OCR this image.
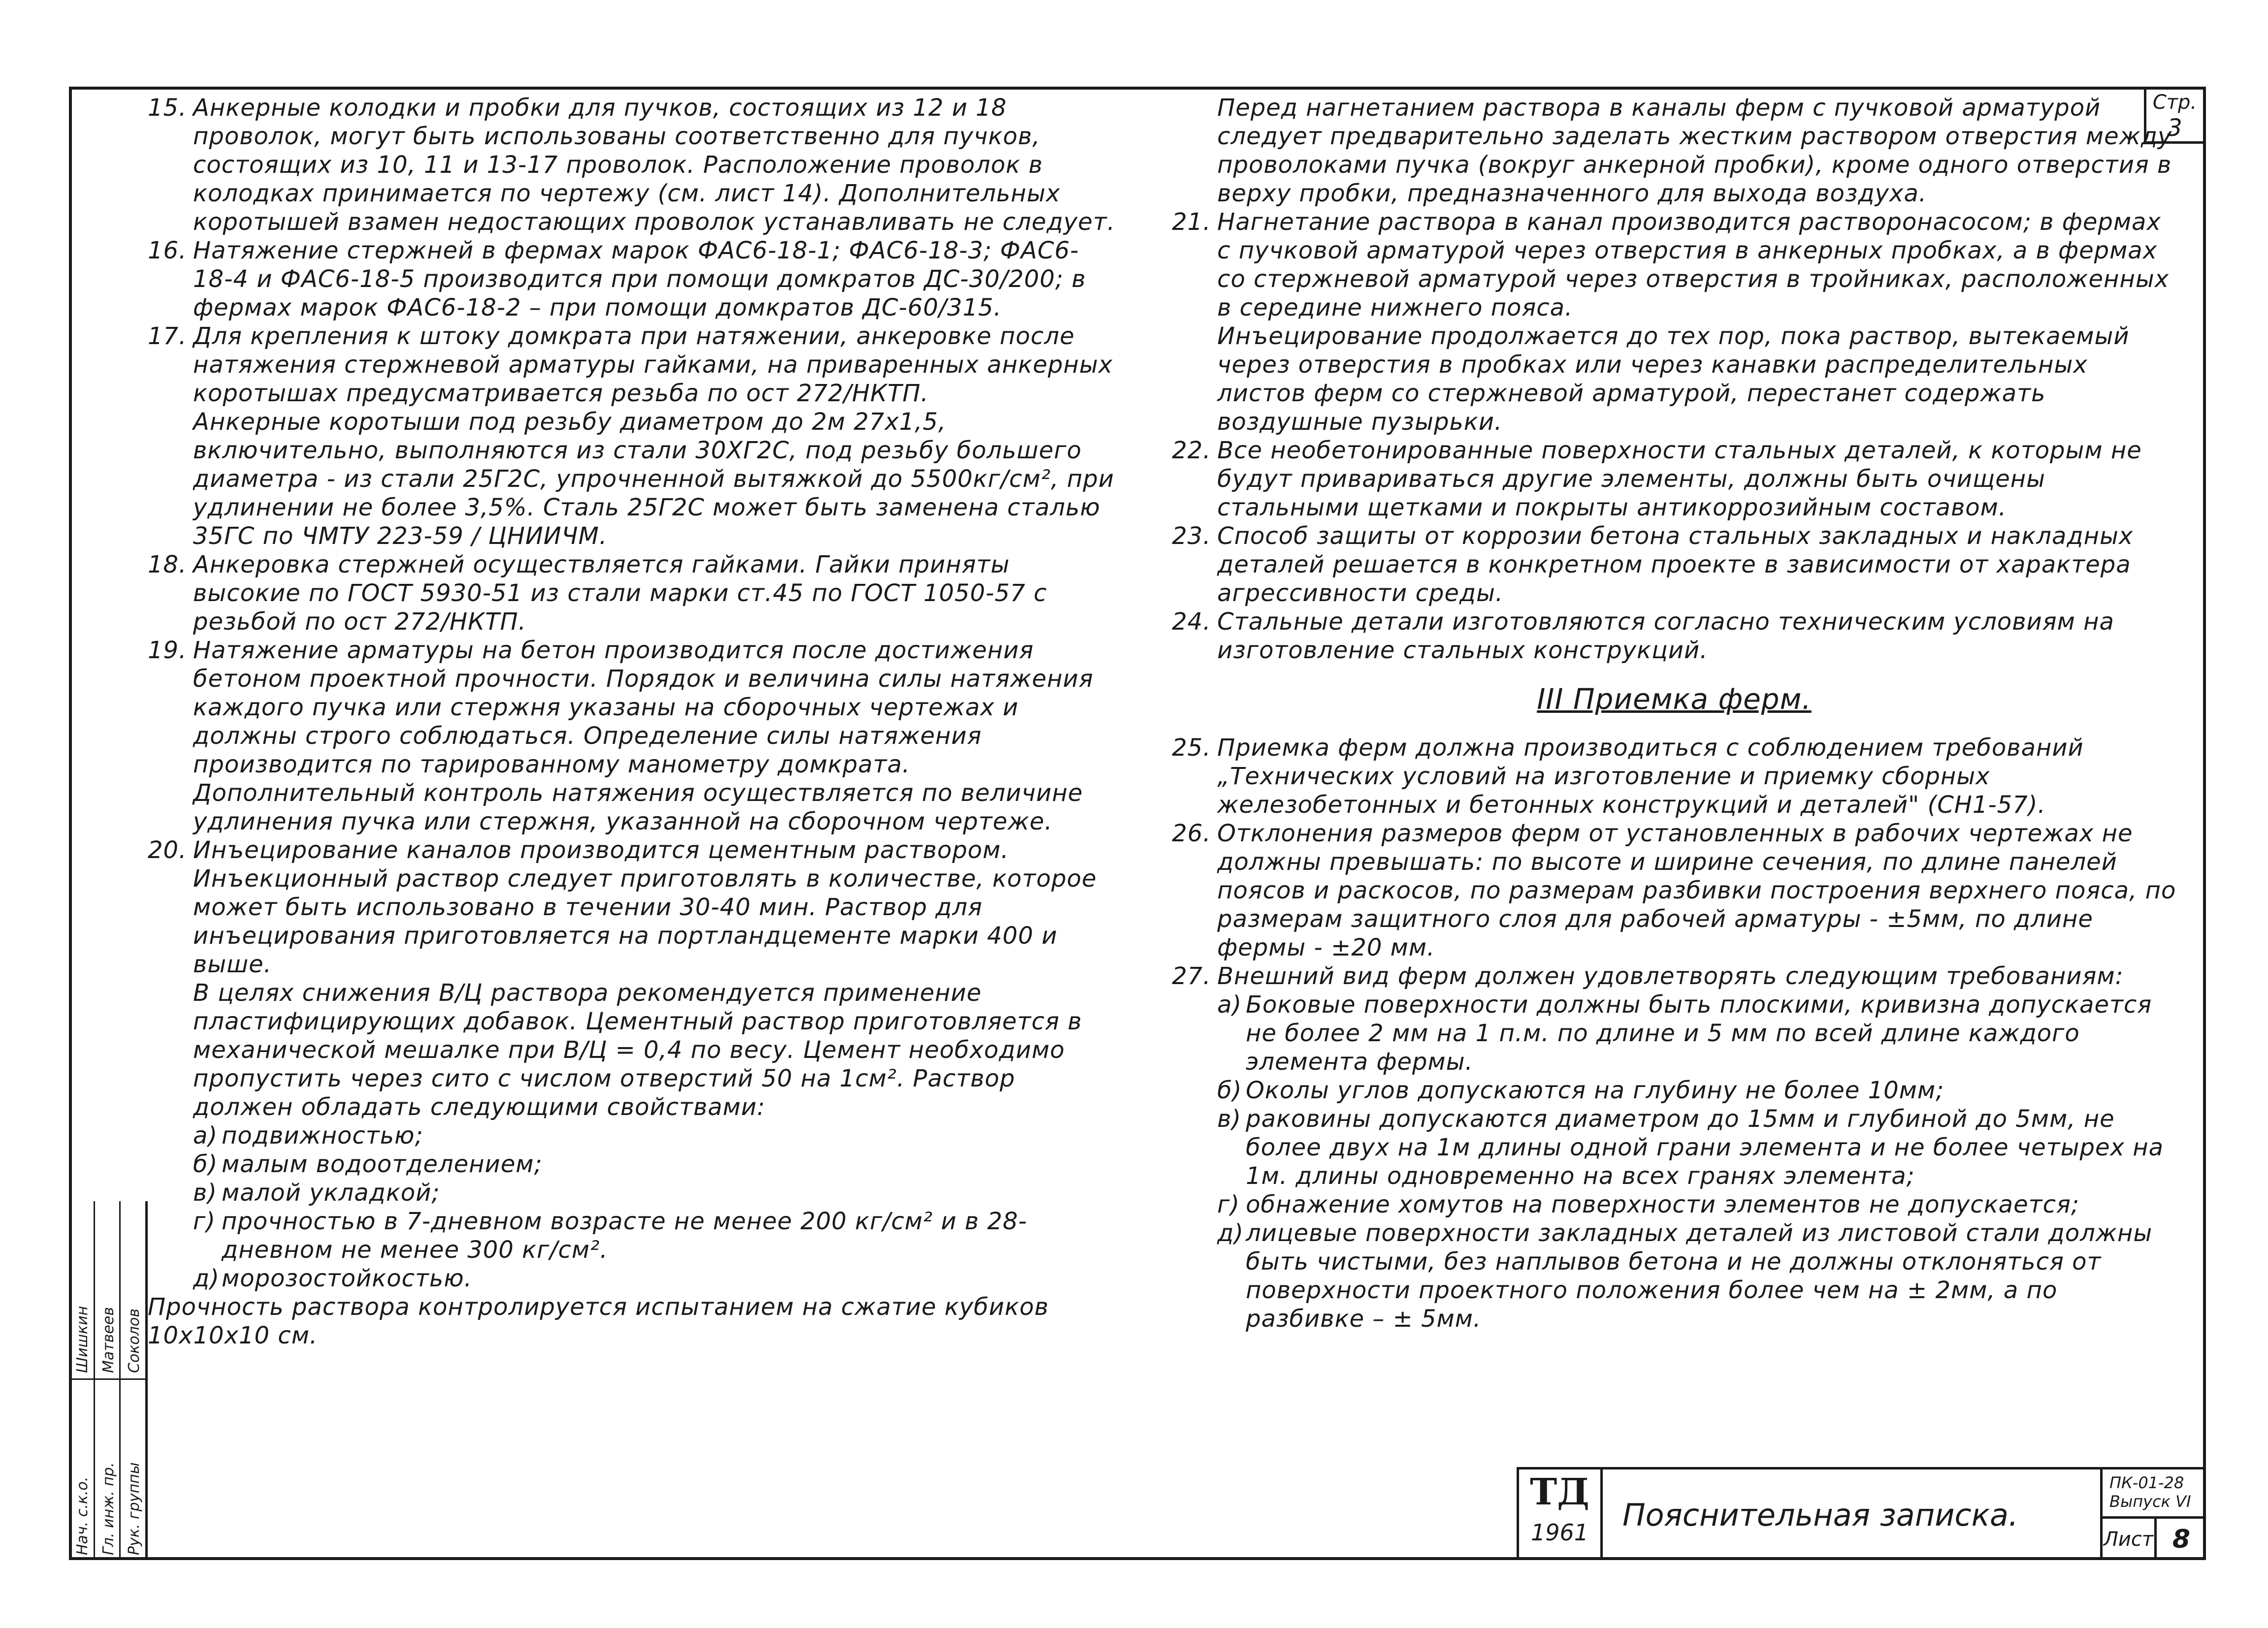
Стр.
3

15. Анкерные колодки и пробки для пучков, состоящих из 12 и 18 проволок, могут быть использованы соответственно для пучков, состоящих из 10, 11 и 13-17 проволок. Расположение проволок в колодках принимается по чертежу (см. лист 14). Дополнительных коротышей взамен недостающих проволок устанавливать не следует.

16. Натяжение стержней в фермах марок ФАС6-18-1; ФАС6-18-3; ФАС6-18-4 и ФАС6-18-5 производится при помощи домкратов ДС-30/200; в фермах марок ФАС6-18-2 – при помощи домкратов ДС-60/315.

17. Для крепления к штоку домкрата при натяжении, анкеровке после натяжения стержневой арматуры гайками, на приваренных анкерных коротышах предусматривается резьба по ост 272/НКТП.

Анкерные коротыши под резьбу диаметром до 2м 27х1,5, включительно, выполняются из стали 30ХГ2С, под резьбу большего диаметра - из стали 25Г2С, упрочненной вытяжкой до 5500кг/см², при удлинении не более 3,5%. Сталь 25Г2С может быть заменена сталью 35ГС по ЧМТУ 223-59 / ЦНИИЧМ.

18. Анкеровка стержней осуществляется гайками. Гайки приняты высокие по ГОСТ 5930-51 из стали марки ст.45 по ГОСТ 1050-57 с резьбой по ост 272/НКТП.

19. Натяжение арматуры на бетон производится после достижения бетоном проектной прочности. Порядок и величина силы натяжения каждого пучка или стержня указаны на сборочных чертежах и должны строго соблюдаться. Определение силы натяжения производится по тарированному манометру домкрата. Дополнительный контроль натяжения осуществляется по величине удлинения пучка или стержня, указанной на сборочном чертеже.

20. Инъецирование каналов производится цементным раствором. Инъекционный раствор следует приготовлять в количестве, которое может быть использовано в течении 30-40 мин. Раствор для инъецирования приготовляется на портландцементе марки 400 и выше.

В целях снижения В/Ц раствора рекомендуется применение пластифицирующих добавок. Цементный раствор приготовляется в механической мешалке при В/Ц = 0,4 по весу. Цемент необходимо пропустить через сито с числом отверстий 50 на 1см². Раствор должен обладать следующими свойствами:

а) подвижностью;

б) малым водоотделением;

в) малой укладкой;

г) прочностью в 7-дневном возрасте не менее 200 кг/см² и в 28-дневном не менее 300 кг/см².

д) морозостойкостью.

Прочность раствора контролируется испытанием на сжатие кубиков 10х10х10 см.

Перед нагнетанием раствора в каналы ферм с пучковой арматурой следует предварительно заделать жестким раствором отверстия между проволоками пучка (вокруг анкерной пробки), кроме одного отверстия в верху пробки, предназначенного для выхода воздуха.

21. Нагнетание раствора в канал производится растворонасосом; в фермах с пучковой арматурой через отверстия в анкерных пробках, а в фермах со стержневой арматурой через отверстия в тройниках, расположенных в середине нижнего пояса.

Инъецирование продолжается до тех пор, пока раствор, вытекаемый через отверстия в пробках или через канавки распределительных листов ферм со стержневой арматурой, перестанет содержать воздушные пузырьки.

22. Все необетонированные поверхности стальных деталей, к которым не будут привариваться другие элементы, должны быть очищены стальными щетками и покрыты антикоррозийным составом.

23. Способ защиты от коррозии бетона стальных закладных и накладных деталей решается в конкретном проекте в зависимости от характера агрессивности среды.

24. Стальные детали изготовляются согласно техническим условиям на изготовление стальных конструкций.

III Приемка ферм.

25. Приемка ферм должна производиться с соблюдением требований „Технических условий на изготовление и приемку сборных железобетонных и бетонных конструкций и деталей" (СН1-57).

26. Отклонения размеров ферм от установленных в рабочих чертежах не должны превышать: по высоте и ширине сечения, по длине панелей поясов и раскосов, по размерам разбивки построения верхнего пояса, по размерам защитного слоя для рабочей арматуры - ±5мм, по длине фермы - ±20 мм.

27. Внешний вид ферм должен удовлетворять следующим требованиям:

а) Боковые поверхности должны быть плоскими, кривизна допускается не более 2 мм на 1 п.м. по длине и 5 мм по всей длине каждого элемента фермы.

б) Околы углов допускаются на глубину не более 10мм;

в) раковины допускаются диаметром до 15мм и глубиной до 5мм, не более двух на 1м длины одной грани элемента и не более четырех на 1м. длины одновременно на всех гранях элемента;

г) обнажение хомутов на поверхности элементов не допускается;

д) лицевые поверхности закладных деталей из листовой стали должны быть чистыми, без наплывов бетона и не должны отклоняться от поверхности проектного положения более чем на ± 2мм, а по разбивке – ± 5мм.

Нач. с.к.о.
Шишкин
Гл. инж. пр.
Матвеев
Рук. группы
Соколов
ТД
1961	Пояснительная записка.
ПК-01-28
Выпуск VI
Лист 8
